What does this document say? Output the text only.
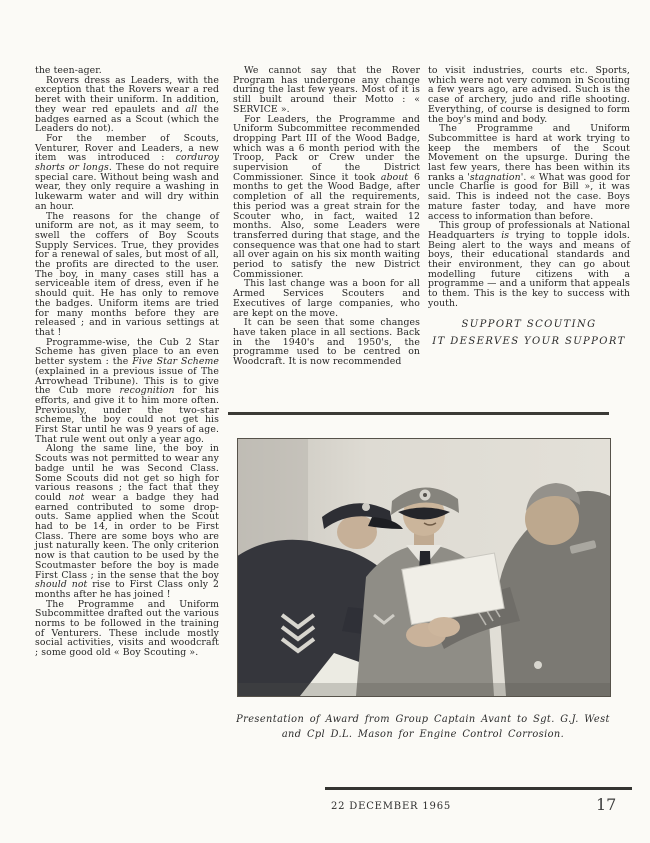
the teen-ager.

Rovers dress as Leaders, with the exception that the Rovers wear a red beret with their uniform. In addition, they wear red epaulets and all the badges earned as a Scout (which the Leaders do not).

For the member of Scouts, Venturer, Rover and Leaders, a new item was introduced : corduroy shorts or longs. These do not require special care. Without being wash and wear, they only require a washing in lukewarm water and will dry within an hour.

The reasons for the change of uniform are not, as it may seem, to swell the coffers of Boy Scouts Supply Services. True, they provides for a renewal of sales, but most of all, the profits are directed to the user. The boy, in many cases still has a serviceable item of dress, even if he should quit. He has only to remove the badges. Uniform items are tried for many months before they are released ; and in various settings at that !

Programme-wise, the Cub 2 Star Scheme has given place to an even better system : the Five Star Scheme (explained in a previous issue of The Arrowhead Tribune). This is to give the Cub more recognition for his efforts, and give it to him more often. Previously, under the two-star scheme, the boy could not get his First Star until he was 9 years of age. That rule went out only a year ago.

Along the same line, the boy in Scouts was not permitted to wear any badge until he was Second Class. Some Scouts did not get so high for various reasons ; the fact that they could not wear a badge they had earned contributed to some drop-outs. Same applied when the Scout had to be 14, in order to be First Class. There are some boys who are just naturally keen. The only criterion now is that caution to be used by the Scoutmaster before the boy is made First Class ; in the sense that the boy should not rise to First Class only 2 months after he has joined !

The Programme and Uniform Subcommittee drafted out the various norms to be followed in the training of Venturers. These include mostly social activities, visits and woodcraft ; some good old « Boy Scouting ».

We cannot say that the Rover Program has undergone any change during the last few years. Most of it is still built around their Motto : « SERVICE ».

For Leaders, the Programme and Uniform Subcommittee recommended dropping Part III of the Wood Badge, which was a 6 month period with the Troop, Pack or Crew under the supervision of the District Commissioner. Since it took about 6 months to get the Wood Badge, after completion of all the requirements, this period was a great strain for the Scouter who, in fact, waited 12 months. Also, some Leaders were transferred during that stage, and the consequence was that one had to start all over again on his six month waiting period to satisfy the new District Commissioner.

This last change was a boon for all Armed Services Scouters and Executives of large companies, who are kept on the move.

It can be seen that some changes have taken place in all sections. Back in the 1940's and 1950's, the programme used to be centred on Woodcraft. It is now recommended

to visit industries, courts etc. Sports, which were not very common in Scouting a few years ago, are advised. Such is the case of archery, judo and rifle shooting. Everything, of course is designed to form the boy's mind and body.

The Programme and Uniform Subcommittee is hard at work trying to keep the members of the Scout Movement on the upsurge. During the last few years, there has been within its ranks a 'stagnation'. « What was good for uncle Charlie is good for Bill », it was said. This is indeed not the case. Boys mature faster today, and have more access to information than before.

This group of professionals at National Headquarters is trying to topple idols. Being alert to the ways and means of boys, their educational standards and their environment, they can go about modelling future citizens with a programme — and a uniform that appeals to them. This is the key to success with youth.

SUPPORT SCOUTING
IT DESERVES YOUR SUPPORT
Presentation of Award from Group Captain Avant to Sgt. G.J. West
and Cpl D.L. Mason for Engine Control Corrosion.
22 DECEMBER 1965	17
